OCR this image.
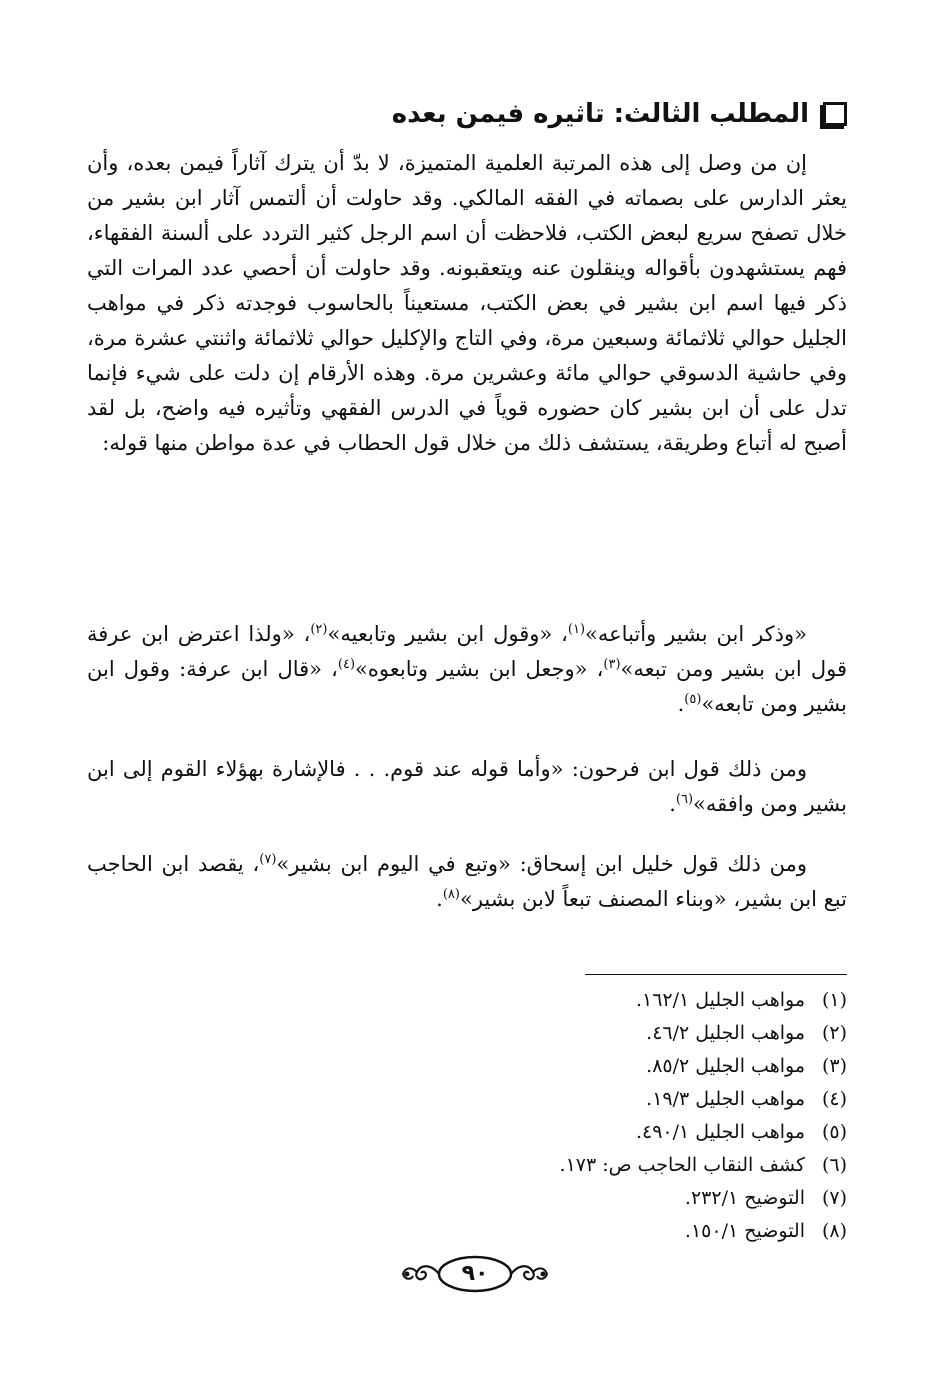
المطلب الثالث: تاثيره فيمن بعده

إن من وصل إلى هذه المرتبة العلمية المتميزة، لا بدّ أن يترك آثاراً فيمن بعده، وأن يعثر الدارس على بصماته في الفقه المالكي. وقد حاولت أن ألتمس آثار ابن بشير من خلال تصفح سريع لبعض الكتب، فلاحظت أن اسم الرجل كثير التردد على ألسنة الفقهاء، فهم يستشهدون بأقواله وينقلون عنه ويتعقبونه. وقد حاولت أن أحصي عدد المرات التي ذكر فيها اسم ابن بشير في بعض الكتب، مستعيناً بالحاسوب فوجدته ذكر في مواهب الجليل حوالي ثلاثمائة وسبعين مرة، وفي التاج والإكليل حوالي ثلاثمائة واثنتي عشرة مرة، وفي حاشية الدسوقي حوالي مائة وعشرين مرة. وهذه الأرقام إن دلت على شيء فإنما تدل على أن ابن بشير كان حضوره قوياً في الدرس الفقهي وتأثيره فيه واضح، بل لقد أصبح له أتباع وطريقة، يستشف ذلك من خلال قول الحطاب في عدة مواطن منها قوله:

«وذكر ابن بشير وأتباعه»$^{(١)}$، «وقول ابن بشير وتابعيه»$^{(٢)}$، «ولذا اعترض ابن عرفة قول ابن بشير ومن تبعه»$^{(٣)}$، «وجعل ابن بشير وتابعوه»$^{(٤)}$، «قال ابن عرفة: وقول ابن بشير ومن تابعه»$^{(٥)}$.
ومن ذلك قول ابن فرحون: «وأما قوله عند قوم. . . فالإشارة بهؤلاء القوم إلى ابن بشير ومن وافقه»$^{(٦)}$.
ومن ذلك قول خليل ابن إسحاق: «وتبع في اليوم ابن بشير»$^{(٧)}$، يقصد ابن الحاجب تبع ابن بشير، «وبناء المصنف تبعاً لابن بشير»$^{(٨)}$.
(١)
مواهب الجليل ١٦٢/١.
(٢)
مواهب الجليل ٤٦/٢.
(٣)
مواهب الجليل ٨٥/٢.
(٤)
مواهب الجليل ١٩/٣.
(٥)
مواهب الجليل ٤٩٠/١.
(٦)
كشف النقاب الحاجب ص: ١٧٣.
(٧)
التوضيح ٢٣٢/١.
(٨)
التوضيح ١٥٠/١.
٩٠
